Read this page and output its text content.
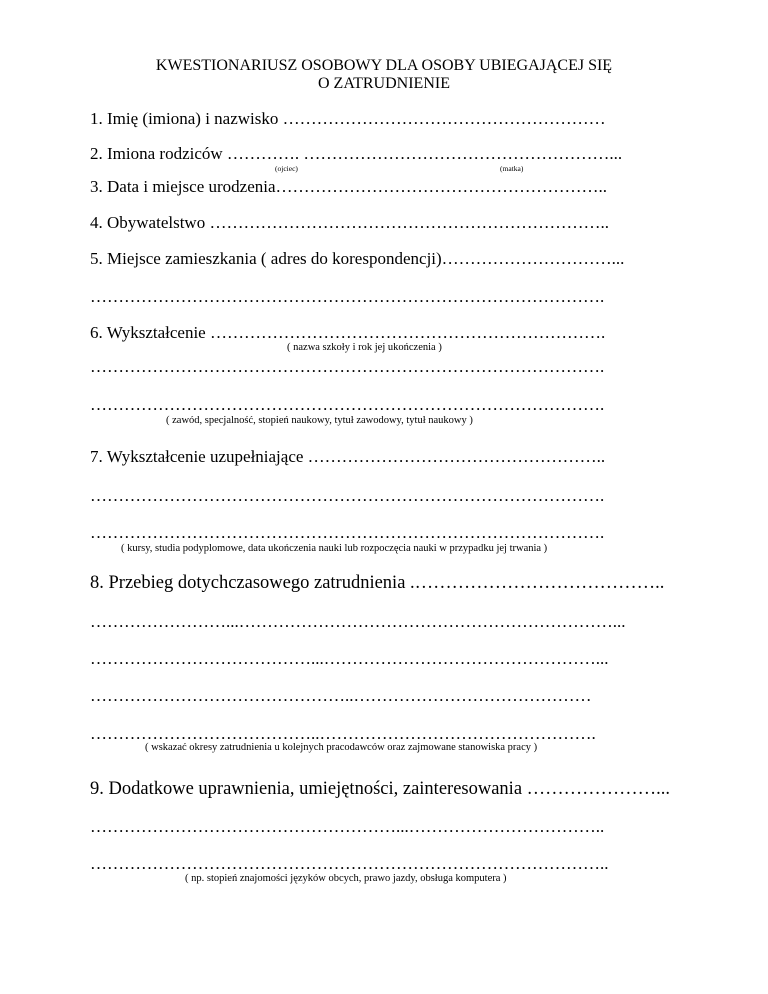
KWESTIONARIUSZ OSOBOWY DLA OSOBY UBIEGAJĄCEJ SIĘ
O ZATRUDNIENIE
1. Imię (imiona) i nazwisko …………………………………………………
2. Imiona rodziców …………. ………………………………………………...
(ojciec)	(matka)
3. Data i miejsce urodzenia…………………………………………………..
4. Obywatelstwo ……………………………………………………………..
5. Miejsce zamieszkania ( adres do korespondencji)…………………………...
……………………………………………………………………………….
6. Wykształcenie …………………………………………………………….
( nazwa szkoły i rok jej ukończenia )
……………………………………………………………………………….
……………………………………………………………………………….
( zawód, specjalność, stopień naukowy, tytuł zawodowy, tytuł naukowy )
7. Wykształcenie uzupełniające ……………………………………………..
……………………………………………………………………………….
……………………………………………………………………………….
( kursy, studia podyplomowe, data ukończenia nauki lub rozpoczęcia nauki w przypadku jej trwania )
8. Przebieg dotychczasowego zatrudnienia .…………………………………..
……………………...…………………………………………………………...
…………………………………...…………………………………………...
………………………………………..……………………………………
…………………………………..………………………………………….
( wskazać okresy zatrudnienia u kolejnych pracodawców oraz zajmowane stanowiska pracy )
9. Dodatkowe uprawnienia, umiejętności, zainteresowania …………………...
………………………………………………...……………………………..
………………………………………………………………………………..
( np. stopień znajomości języków obcych, prawo jazdy, obsługa komputera )
